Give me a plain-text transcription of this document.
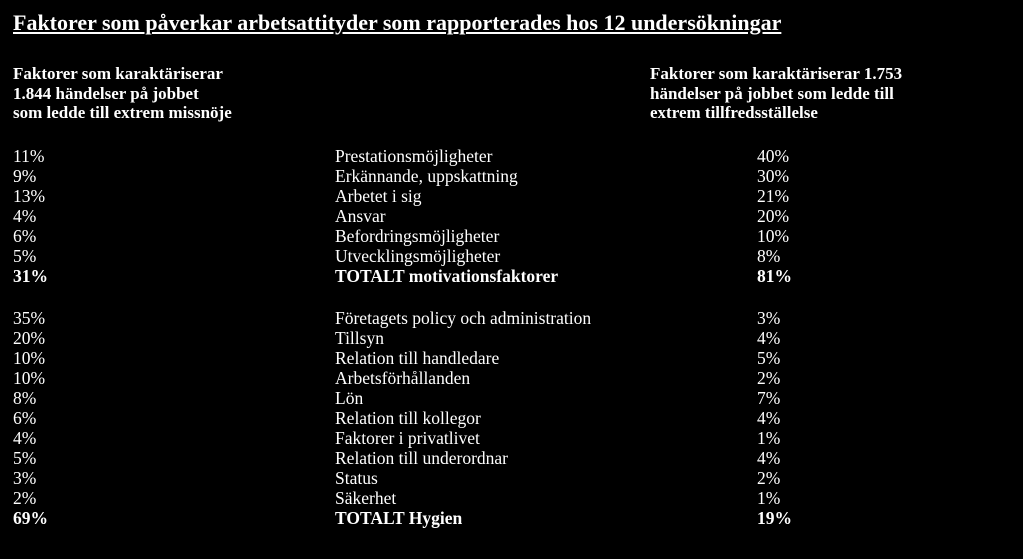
Faktorer som påverkar arbetsattityder som rapporterades hos 12 undersökningar
Faktorer som karaktäriserar
1.844 händelser på jobbet
som ledde till extrem missnöje
Faktorer som karaktäriserar 1.753
händelser på jobbet som ledde till
extrem tillfredsställelse
11%	Prestationsmöjligheter	40%
9%	Erkännande, uppskattning	30%
13%	Arbetet i sig	21%
4%	Ansvar	20%
6%	Befordringsmöjligheter	10%
5%	Utvecklingsmöjligheter	8%
31%	TOTALT motivationsfaktorer	81%
35%	Företagets policy och administration	3%
20%	Tillsyn	4%
10%	Relation till handledare	5%
10%	Arbetsförhållanden	2%
8%	Lön	7%
6%	Relation till kollegor	4%
4%	Faktorer i privatlivet	1%
5%	Relation till underordnar	4%
3%	Status	2%
2%	Säkerhet	1%
69%	TOTALT Hygien	19%
